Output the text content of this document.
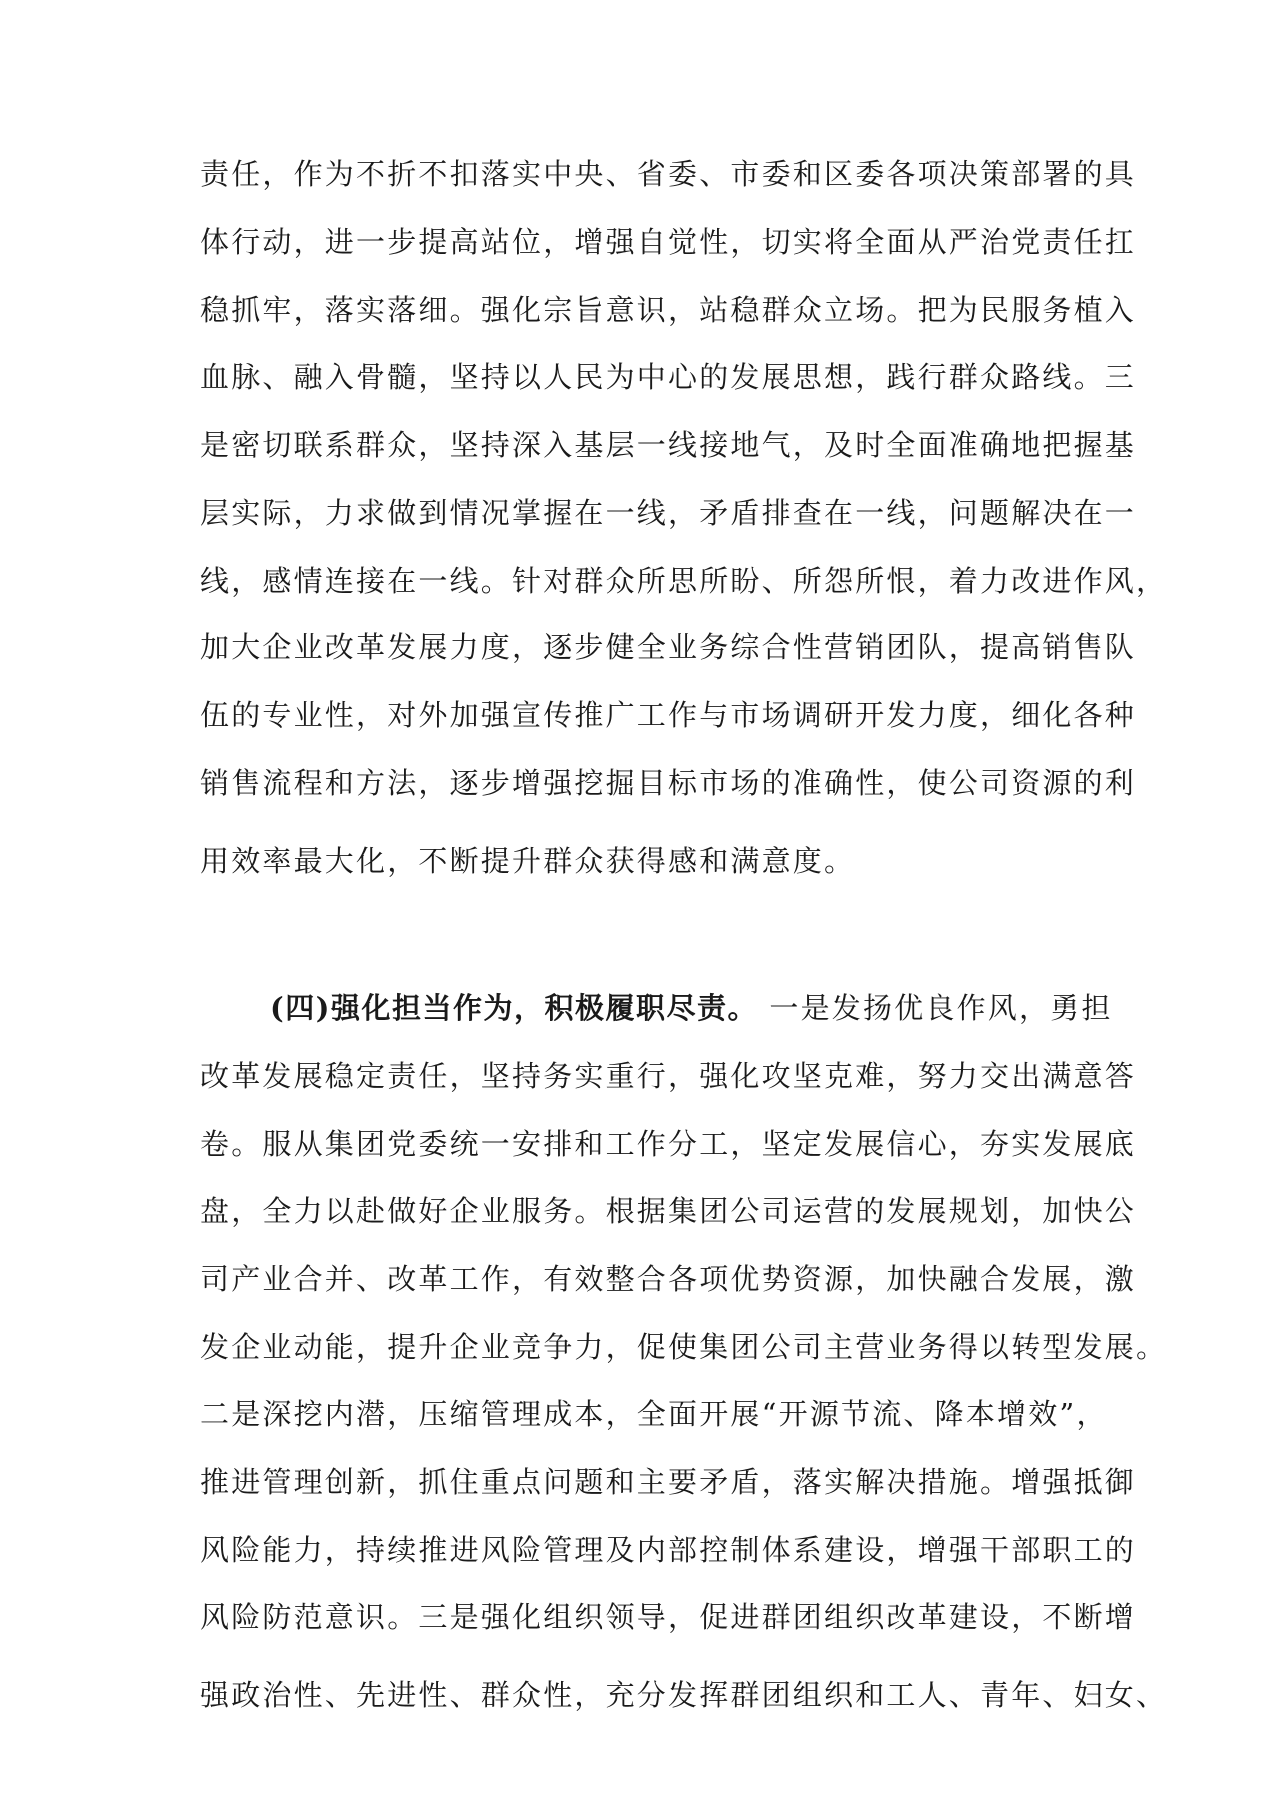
责任，作为不折不扣落实中央、省委、市委和区委各项决策部署的具
体行动，进一步提高站位，增强自觉性，切实将全面从严治党责任扛
稳抓牢，落实落细。强化宗旨意识，站稳群众立场。把为民服务植入
血脉、融入骨髓，坚持以人民为中心的发展思想，践行群众路线。三
是密切联系群众，坚持深入基层一线接地气，及时全面准确地把握基
层实际，力求做到情况掌握在一线，矛盾排查在一线，问题解决在一
线，感情连接在一线。针对群众所思所盼、所怨所恨，着力改进作风，
加大企业改革发展力度，逐步健全业务综合性营销团队，提高销售队
伍的专业性，对外加强宣传推广工作与市场调研开发力度，细化各种
销售流程和方法，逐步增强挖掘目标市场的准确性，使公司资源的利
用效率最大化，不断提升群众获得感和满意度。
(四)强化担当作为，积极履职尽责。 一是发扬优良作风，勇担
改革发展稳定责任，坚持务实重行，强化攻坚克难，努力交出满意答
卷。服从集团党委统一安排和工作分工，坚定发展信心，夯实发展底
盘，全力以赴做好企业服务。根据集团公司运营的发展规划，加快公
司产业合并、改革工作，有效整合各项优势资源，加快融合发展，激
发企业动能，提升企业竞争力，促使集团公司主营业务得以转型发展。
二是深挖内潜，压缩管理成本，全面开展“开源节流、降本增效”，
推进管理创新，抓住重点问题和主要矛盾，落实解决措施。增强抵御
风险能力，持续推进风险管理及内部控制体系建设，增强干部职工的
风险防范意识。三是强化组织领导，促进群团组织改革建设，不断增
强政治性、先进性、群众性，充分发挥群团组织和工人、青年、妇女、
